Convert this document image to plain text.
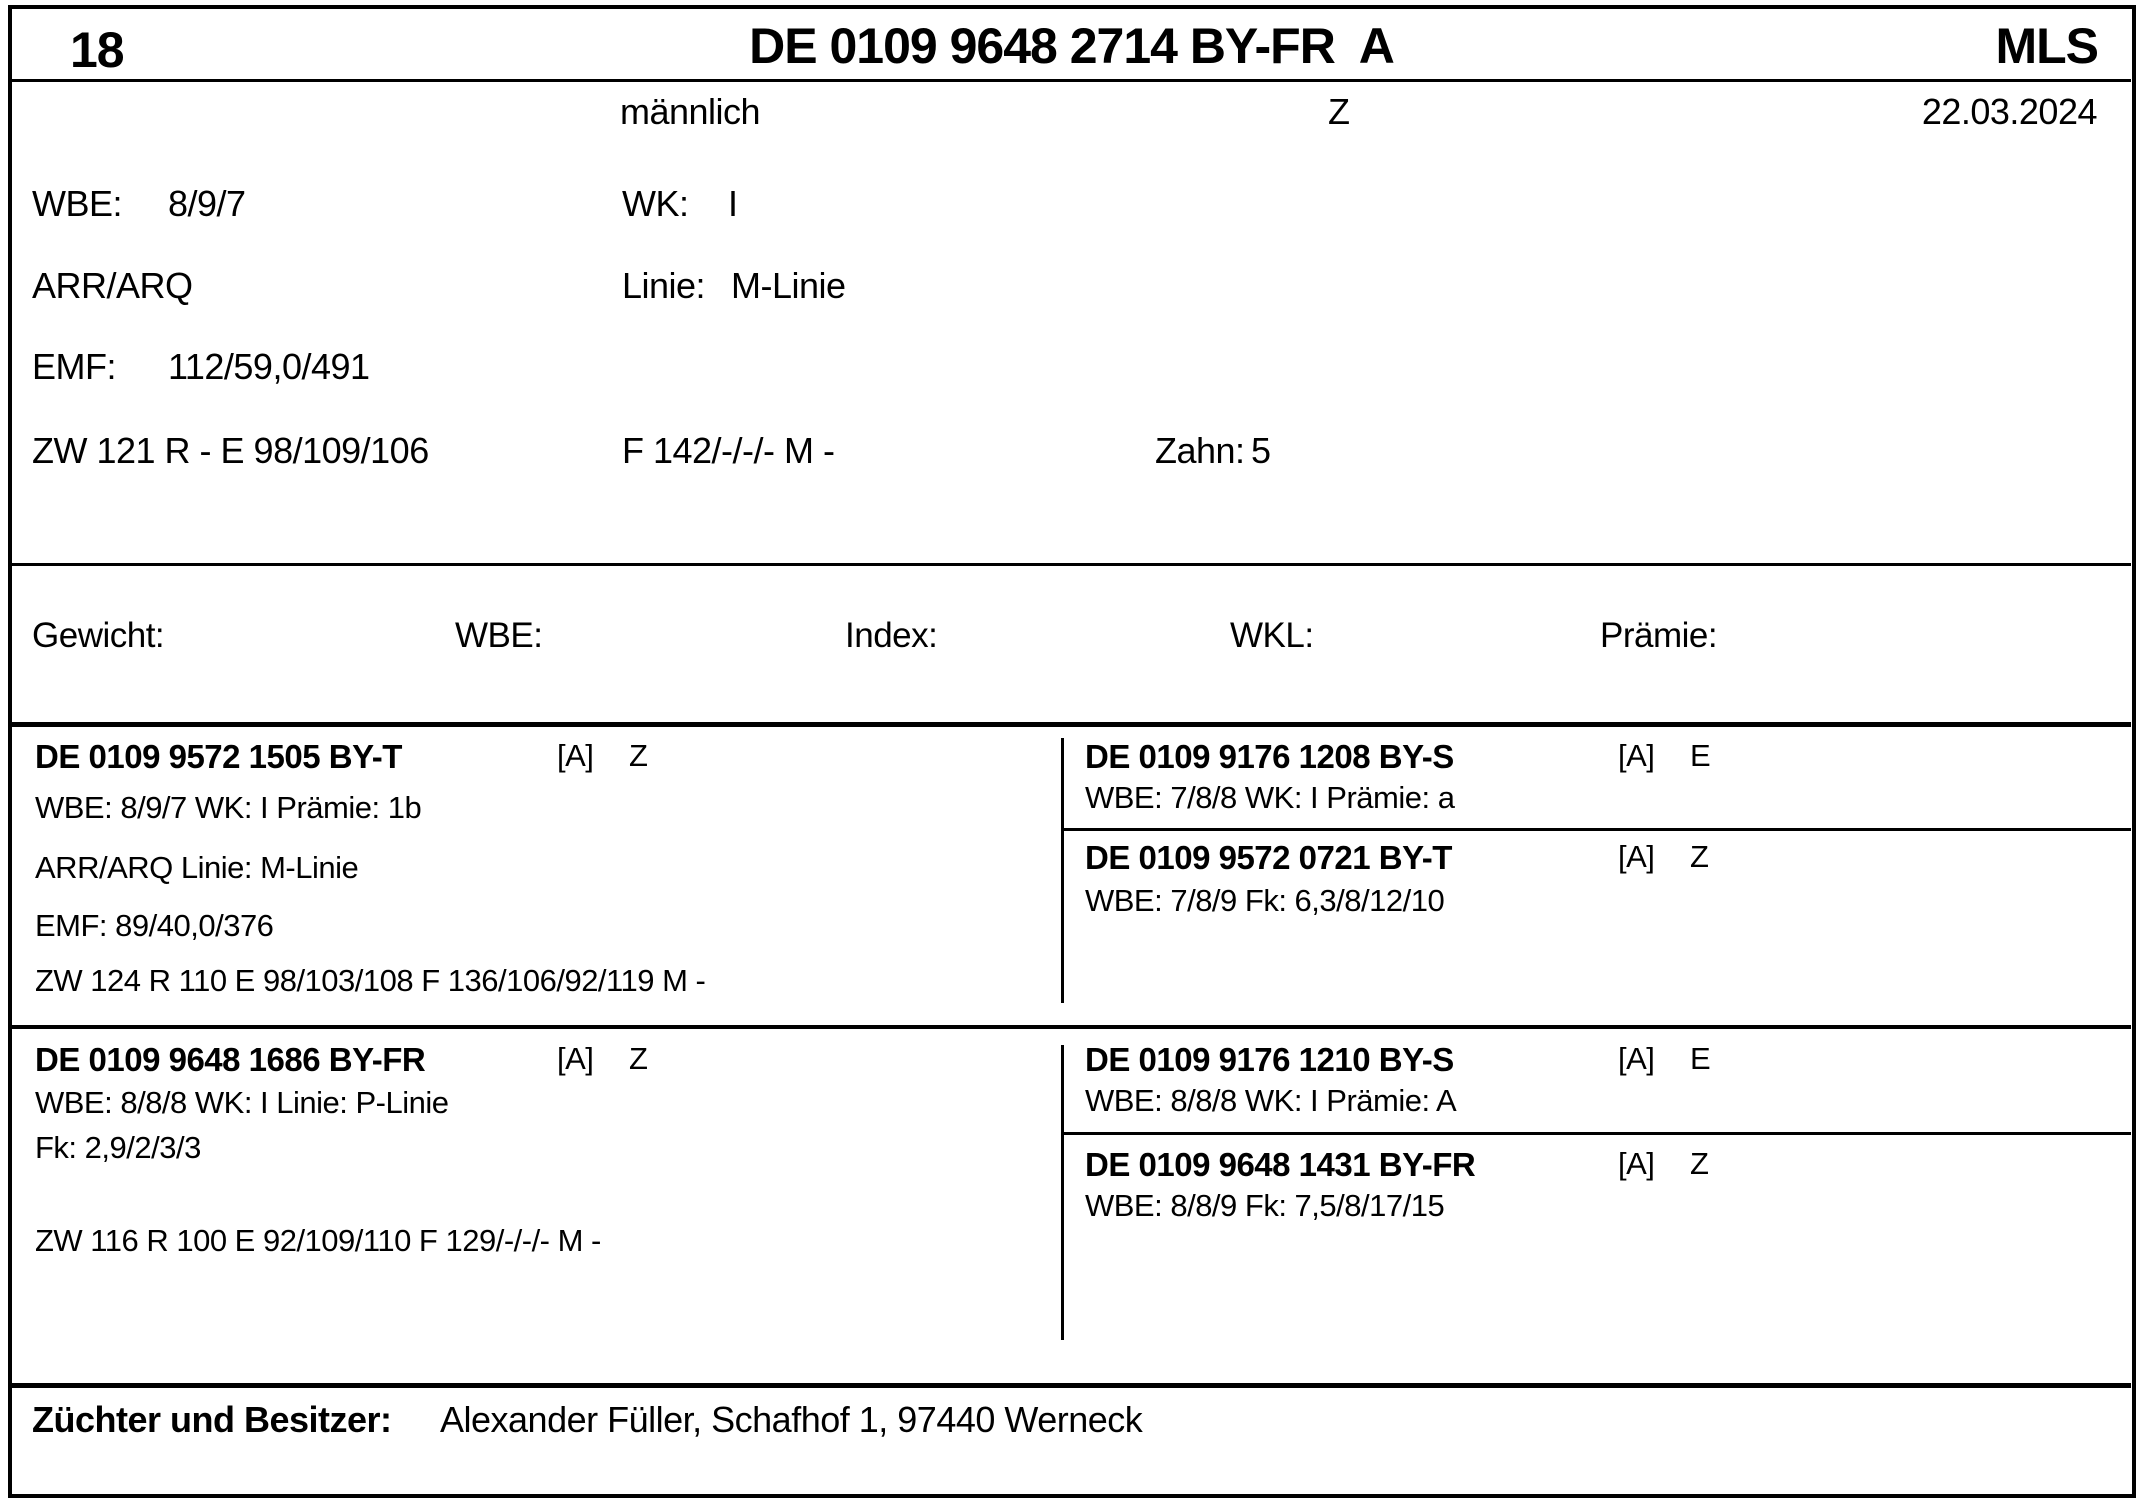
18	DE 0109 9648 2714 BY-FR  A	MLS
männlich	Z	22.03.2024
WBE: 8/9/7	WK: I
ARR/ARQ	Linie: M-Linie
EMF: 112/59,0/491
ZW 121 R - E 98/109/106	F 142/-/-/- M -	Zahn: 5
Gewicht:	WBE:	Index:	WKL:	Prämie:
DE 0109 9572 1505 BY-T	[A] Z
WBE: 8/9/7 WK: I Prämie: 1b
ARR/ARQ Linie: M-Linie
EMF: 89/40,0/376
ZW 124 R 110 E 98/103/108 F 136/106/92/119 M -
DE 0109 9176 1208 BY-S	[A] E
WBE: 7/8/8 WK: I Prämie: a
DE 0109 9572 0721 BY-T	[A] Z
WBE: 7/8/9 Fk: 6,3/8/12/10
DE 0109 9648 1686 BY-FR	[A] Z
WBE: 8/8/8 WK: I Linie: P-Linie
Fk: 2,9/2/3/3
ZW 116 R 100 E 92/109/110 F 129/-/-/- M -
DE 0109 9176 1210 BY-S	[A] E
WBE: 8/8/8 WK: I Prämie: A
DE 0109 9648 1431 BY-FR	[A] Z
WBE: 8/8/9 Fk: 7,5/8/17/15
Züchter und Besitzer: Alexander Füller, Schafhof 1, 97440 Werneck
